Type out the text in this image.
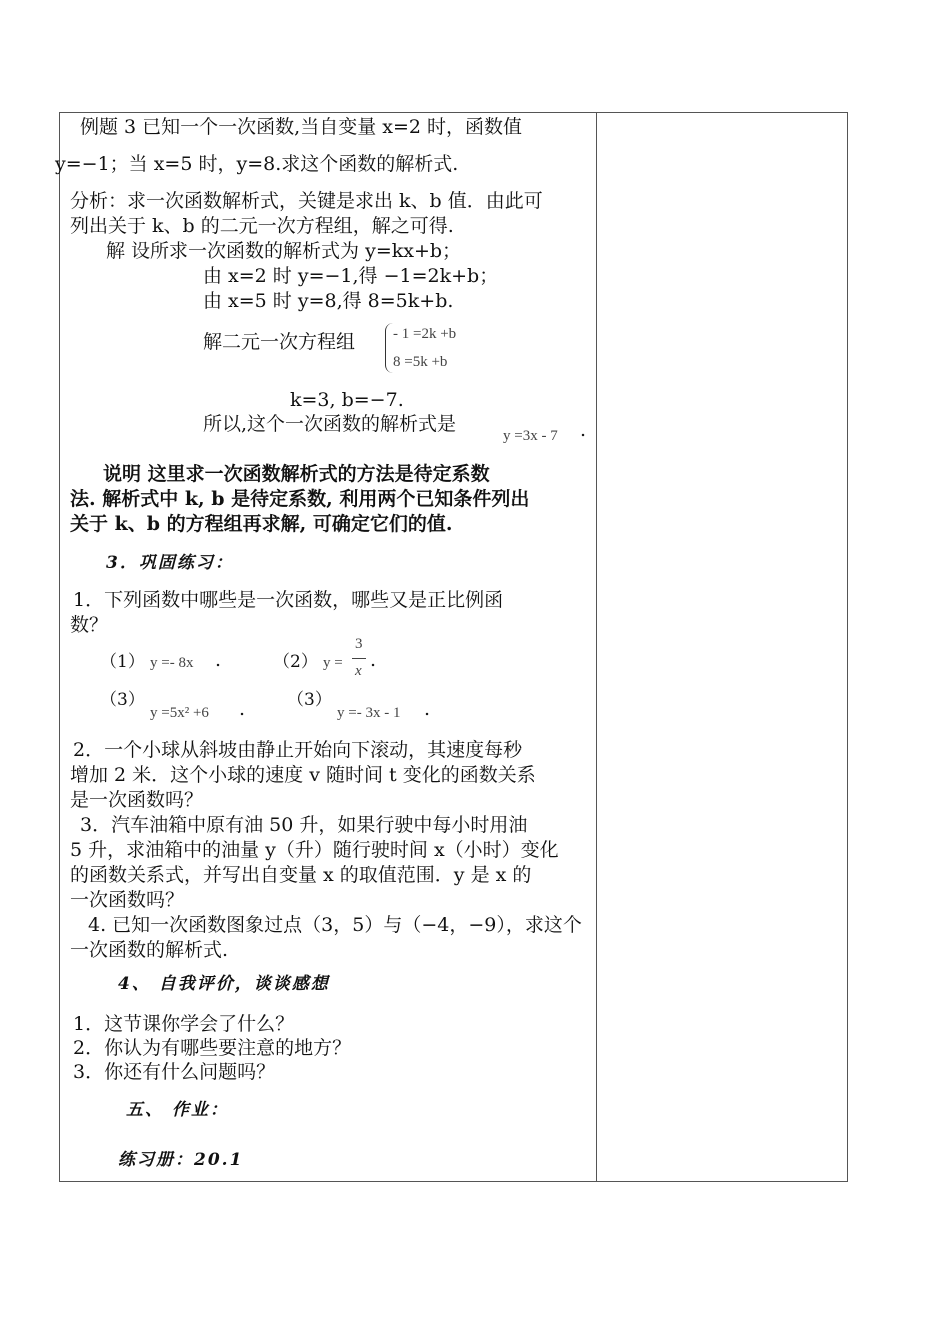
例题 3 已知一个一次函数,当自变量 x=2 时，函数值
y=−1；当 x=5 时，y=8.求这个函数的解析式.
分析：求一次函数解析式，关键是求出 k、b 值．由此可
列出关于 k、b 的二元一次方程组，解之可得.
解 设所求一次函数的解析式为 y=kx+b；
由 x=2 时 y=−1,得 −1=2k+b；
由 x=5 时 y=8,得 8=5k+b.
解二元一次方程组	- 1 =2k +b
8 =5k +b
k=3, b=−7.
所以,这个一次函数的解析式是
y =3x - 7 .
说明 这里求一次函数解析式的方法是待定系数
法. 解析式中 k, b 是待定系数, 利用两个已知条件列出
关于 k、b 的方程组再求解, 可确定它们的值.
3．巩固练习：
1．下列函数中哪些是一次函数，哪些又是正比例函
数？
（1） y =- 8x .	（2） y =
3
x .
（3）
y =5x² +6 . （3）
y =- 3x - 1 .
2．一个小球从斜坡由静止开始向下滚动，其速度每秒
增加 2 米．这个小球的速度 v 随时间 t 变化的函数关系
是一次函数吗？
3．汽车油箱中原有油 50 升，如果行驶中每小时用油
5 升，求油箱中的油量 y（升）随行驶时间 x（小时）变化
的函数关系式，并写出自变量 x 的取值范围．y 是 x 的
一次函数吗？
4. 已知一次函数图象过点（3，5）与（−4，−9），求这个
一次函数的解析式.
4、 自我评价，谈谈感想
1．这节课你学会了什么？
2．你认为有哪些要注意的地方？
3．你还有什么问题吗？
五、 作业：
练习册：20.1
